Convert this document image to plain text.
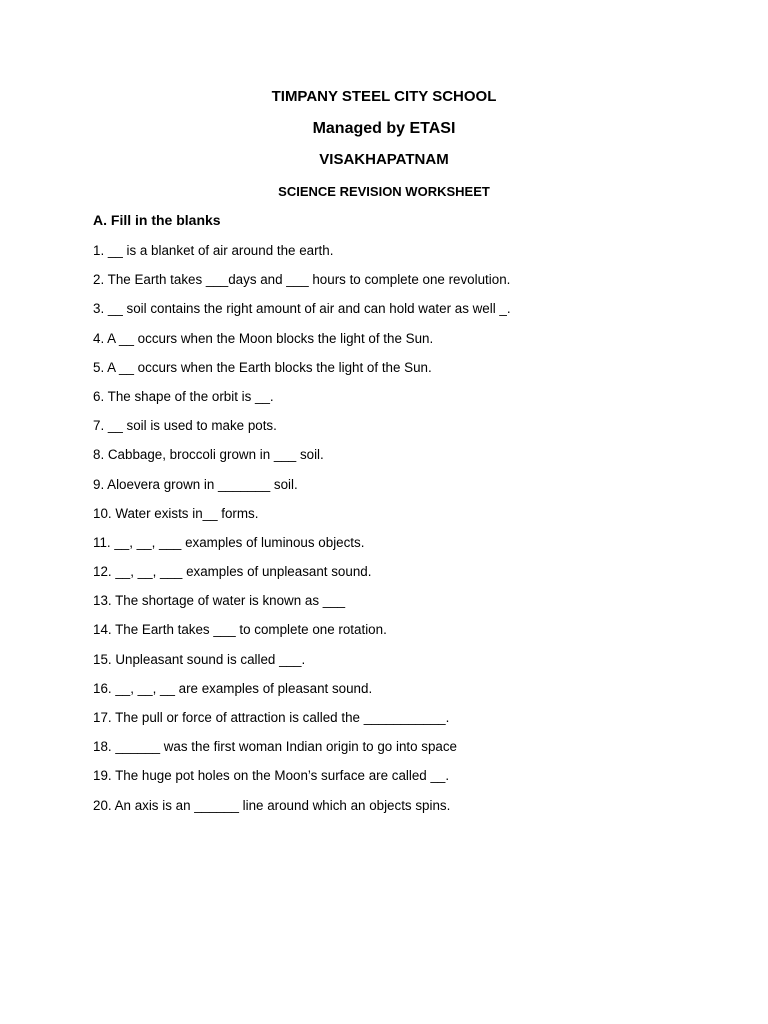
TIMPANY STEEL CITY SCHOOL
Managed by ETASI
VISAKHAPATNAM
SCIENCE REVISION WORKSHEET
A. Fill in the blanks
1. __ is a blanket of air around the earth.
2. The Earth takes ___days and ___ hours to complete one revolution.
3. __ soil contains the right amount of air and can hold water as well _.
4. A __ occurs when the Moon blocks the light of the Sun.
5. A __ occurs when the Earth blocks the light of the Sun.
6. The shape of the orbit is __.
7. __ soil is used to make pots.
8. Cabbage, broccoli grown in ___ soil.
9. Aloevera grown in _______ soil.
10. Water exists in__ forms.
11. __, __, ___ examples of luminous objects.
12. __, __, ___ examples of unpleasant sound.
13. The shortage of water is known as ___
14. The Earth takes ___ to complete one rotation.
15. Unpleasant sound is called ___.
16. __, __, __ are examples of pleasant sound.
17. The pull or force of attraction is called the ___________.
18. ______ was the first woman Indian origin to go into space
19. The huge pot holes on the Moon’s surface are called __.
20. An axis is an ______ line around which an objects spins.
